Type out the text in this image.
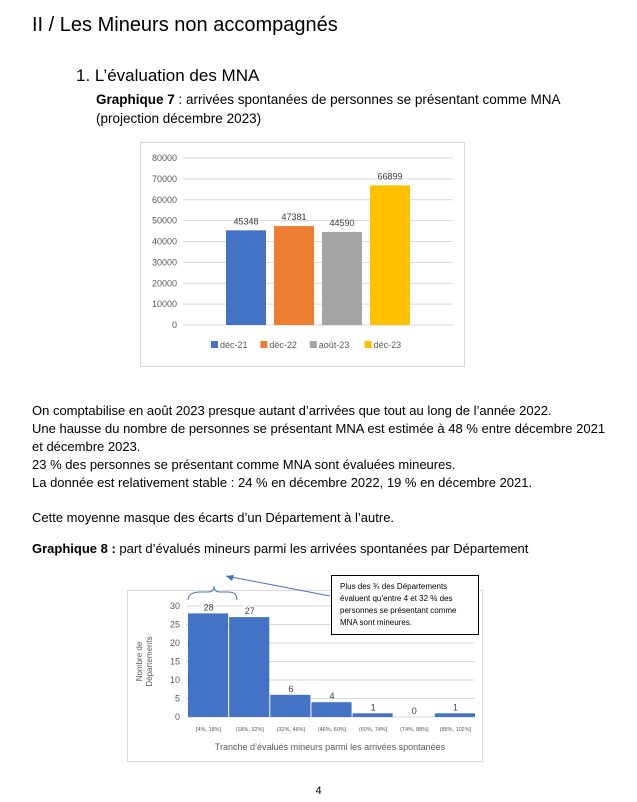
II / Les Mineurs non accompagnés
1. L’évaluation des MNA
Graphique 7 : arrivées spontanées de personnes se présentant comme MNA (projection décembre 2023)
0
10000
20000
30000
40000
50000
60000
70000
80000
45348	47381
44590
66899
déc-21 déc-22 août-23	déc-23
On comptabilise en août 2023 presque autant d’arrivées que tout au long de l’année 2022.
Une hausse du nombre de personnes se présentant MNA est estimée à 48 % entre décembre 2021 et décembre 2023.
23 % des personnes se présentant comme MNA sont évaluées mineures.
La donnée est relativement stable : 24 % en décembre 2022, 19 % en décembre 2021.
Cette moyenne masque des écarts d’un Département à l’autre.
Graphique 8 : part d’évalués mineurs parmi les arrivées spontanées par Département
0
5
10
15
20
25
30	28
[4%, 18%]
27
(18%, 32%]
6
(32%, 46%]
4
(46%, 60%]
1
(60%, 74%]
0
(74%, 88%]
1
(88%, 102%]
Tranche d’évalués mineurs parmi les arrivées spontanées
Nombre deDépartements
Plus des ¾ des Départements évaluent qu’entre 4 et 32 % des personnes se présentant comme MNA sont mineures.
4
